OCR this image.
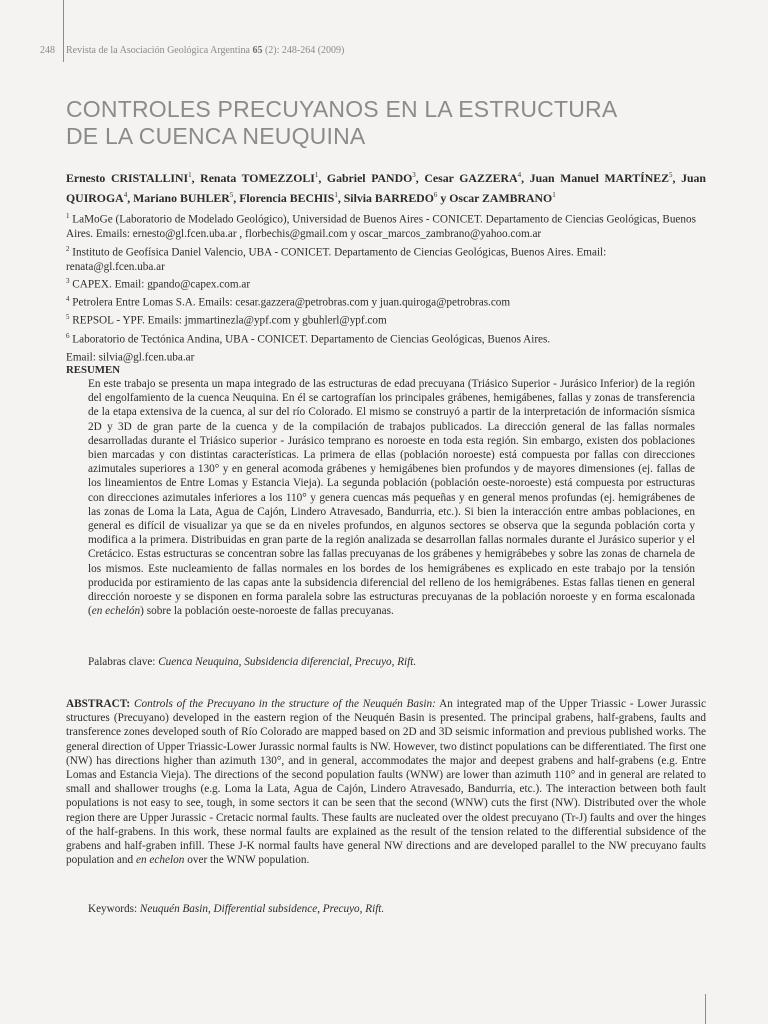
248 Revista de la Asociación Geológica Argentina 65 (2): 248-264 (2009)
CONTROLES PRECUYANOS EN LA ESTRUCTURA
DE LA CUENCA NEUQUINA
Ernesto CRISTALLINI$^1$, Renata TOMEZZOLI$^1$, Gabriel PANDO$^3$, Cesar GAZZERA$^4$, Juan Manuel MARTÍNEZ$^5$, Juan QUIROGA$^4$, Mariano BUHLER$^5$, Florencia BECHIS$^1$, Silvia BARREDO$^6$ y Oscar ZAMBRANO$^1$
$^1$ LaMoGe (Laboratorio de Modelado Geológico), Universidad de Buenos Aires - CONICET. Departamento de Ciencias Geológicas, Buenos Aires. Emails: ernesto@gl.fcen.uba.ar , florbechis@gmail.com y oscar_marcos_zambrano@yahoo.com.ar
$^2$ Instituto de Geofísica Daniel Valencio, UBA - CONICET. Departamento de Ciencias Geológicas, Buenos Aires. Email: renata@gl.fcen.uba.ar
$^3$ CAPEX. Email: gpando@capex.com.ar
$^4$ Petrolera Entre Lomas S.A. Emails: cesar.gazzera@petrobras.com y juan.quiroga@petrobras.com
$^5$ REPSOL - YPF. Emails: jmmartinezla@ypf.com y gbuhlerl@ypf.com
$^6$ Laboratorio de Tectónica Andina, UBA - CONICET. Departamento de Ciencias Geológicas, Buenos Aires.
Email: silvia@gl.fcen.uba.ar
RESUMEN
En este trabajo se presenta un mapa integrado de las estructuras de edad precuyana (Triásico Superior - Jurásico Inferior) de la región del engolfamiento de la cuenca Neuquina. En él se cartografían los principales grábenes, hemigábenes, fallas y zonas de transferencia de la etapa extensiva de la cuenca, al sur del río Colorado. El mismo se construyó a partir de la interpretación de información sísmica 2D y 3D de gran parte de la cuenca y de la compilación de trabajos publicados. La dirección general de las fallas normales desarrolladas durante el Triásico superior - Jurásico temprano es noroeste en toda esta región. Sin embargo, existen dos poblaciones bien marcadas y con distintas características. La primera de ellas (población noroeste) está compuesta por fallas con direcciones azimutales superiores a 130° y en general acomoda grábenes y hemigábenes bien profundos y de mayores dimensiones (ej. fallas de los lineamientos de Entre Lomas y Estancia Vieja). La segunda población (población oeste-noroeste) está compuesta por estructuras con direcciones azimutales inferiores a los 110° y genera cuencas más pequeñas y en general menos profundas (ej. hemigrábenes de las zonas de Loma la Lata, Agua de Cajón, Lindero Atravesado, Bandurria, etc.). Si bien la interacción entre ambas poblaciones, en general es difícil de visualizar ya que se da en niveles profundos, en algunos sectores se observa que la segunda población corta y modifica a la primera. Distribuidas en gran parte de la región analizada se desarrollan fallas normales durante el Jurásico superior y el Cretácico. Estas estructuras se concentran sobre las fallas precuyanas de los grábenes y hemigrábebes y sobre las zonas de charnela de los mismos. Este nucleamiento de fallas normales en los bordes de los hemigrábenes es explicado en este trabajo por la tensión producida por estiramiento de las capas ante la subsidencia diferencial del relleno de los hemigrábenes. Estas fallas tienen en general dirección noroeste y se disponen en forma paralela sobre las estructuras precuyanas de la población noroeste y en forma escalonada (en echelón) sobre la población oeste-noroeste de fallas precuyanas.
Palabras clave: Cuenca Neuquina, Subsidencia diferencial, Precuyo, Rift.
ABSTRACT: Controls of the Precuyano in the structure of the Neuquén Basin: An integrated map of the Upper Triassic - Lower Jurassic structures (Precuyano) developed in the eastern region of the Neuquén Basin is presented. The principal grabens, half-grabens, faults and transference zones developed south of Río Colorado are mapped based on 2D and 3D seismic information and previous published works. The general direction of Upper Triassic-Lower Jurassic normal faults is NW. However, two distinct populations can be differentiated. The first one (NW) has directions higher than azimuth 130°, and in general, accommodates the major and deepest grabens and half-grabens (e.g. Entre Lomas and Estancia Vieja). The directions of the second population faults (WNW) are lower than azimuth 110° and in general are related to small and shallower troughs (e.g. Loma la Lata, Agua de Cajón, Lindero Atravesado, Bandurria, etc.). The interaction between both fault populations is not easy to see, tough, in some sectors it can be seen that the second (WNW) cuts the first (NW). Distributed over the whole region there are Upper Jurassic - Cretacic normal faults. These faults are nucleated over the oldest precuyano (Tr-J) faults and over the hinges of the half-grabens. In this work, these normal faults are explained as the result of the tension related to the differential subsidence of the grabens and half-graben infill. These J-K normal faults have general NW directions and are developed parallel to the NW precuyano faults population and en echelon over the WNW population.
Keywords: Neuquén Basin, Differential subsidence, Precuyo, Rift.
